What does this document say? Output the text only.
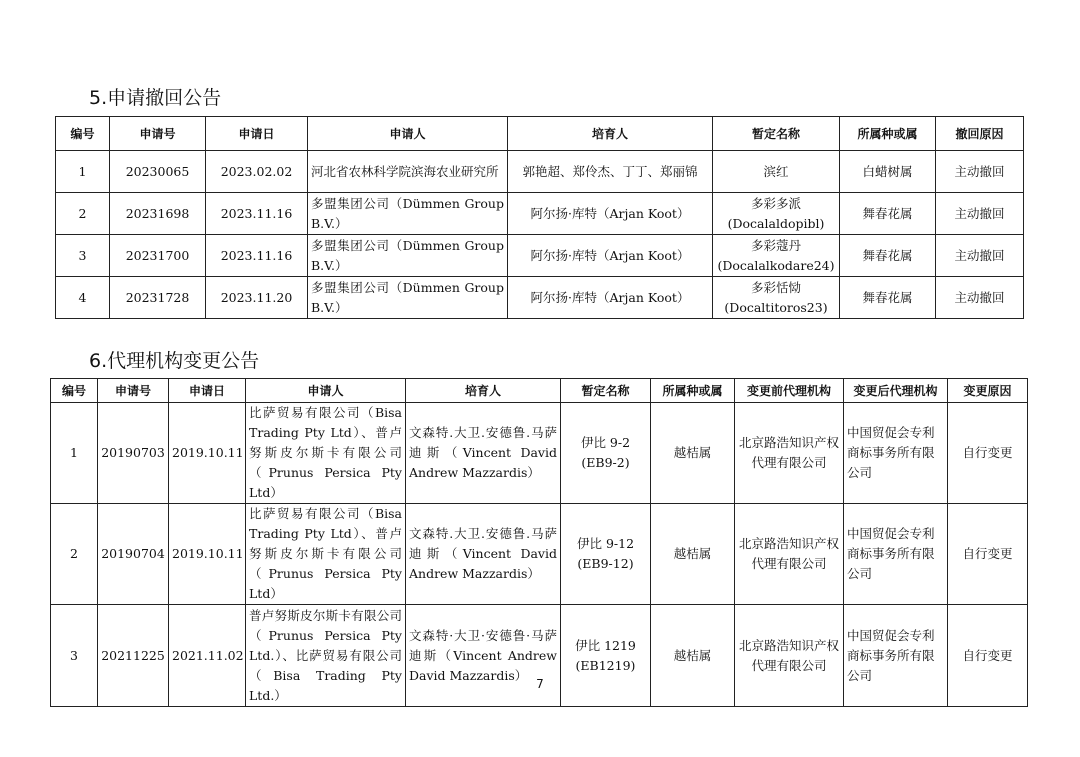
5.申请撤回公告
编号	申请号	申请日	申请人	培育人	暂定名称	所属种或属	撤回原因
1	20230065	2023.02.02	河北省农林科学院滨海农业研究所	郭艳超、郑伶杰、丁丁、郑丽锦	滨红	白蜡树属	主动撤回
2	20231698	2023.11.16	多盟集团公司（Dümmen Group B.V.）	阿尔扬·库特（Arjan Koot）	多彩多派 (Docalaldopibl)	舞春花属	主动撤回
3	20231700	2023.11.16	多盟集团公司（Dümmen Group B.V.）	阿尔扬·库特（Arjan Koot）	多彩蔻丹 (Docalalkodare24)	舞春花属	主动撤回
4	20231728	2023.11.20	多盟集团公司（Dümmen Group B.V.）	阿尔扬·库特（Arjan Koot）	多彩恬恸 (Docaltitoros23)	舞春花属	主动撤回
6.代理机构变更公告
编号	申请号	申请日	申请人	培育人	暂定名称	所属种或属	变更前代理机构	变更后代理机构	变更原因
1	20190703	2019.10.11	比萨贸易有限公司（Bisa Trading Pty Ltd）、普卢努斯皮尔斯卡有限公司（Prunus Persica Pty Ltd）	文森特.大卫.安德鲁.马萨迪斯（Vincent David Andrew Mazzardis）	伊比 9-2 (EB9-2)	越桔属	北京路浩知识产权代理有限公司	中国贸促会专利商标事务所有限公司	自行变更
2	20190704	2019.10.11	比萨贸易有限公司（Bisa Trading Pty Ltd）、普卢努斯皮尔斯卡有限公司（Prunus Persica Pty Ltd）	文森特.大卫.安德鲁.马萨迪斯（Vincent David Andrew Mazzardis）	伊比 9-12 (EB9-12)	越桔属	北京路浩知识产权代理有限公司	中国贸促会专利商标事务所有限公司	自行变更
3	20211225	2021.11.02	普卢努斯皮尔斯卡有限公司（Prunus Persica Pty Ltd.）、比萨贸易有限公司（Bisa Trading Pty Ltd.）	文森特·大卫·安德鲁·马萨迪斯（Vincent Andrew David Mazzardis）	伊比 1219 (EB1219)	越桔属	北京路浩知识产权代理有限公司	中国贸促会专利商标事务所有限公司	自行变更
7
